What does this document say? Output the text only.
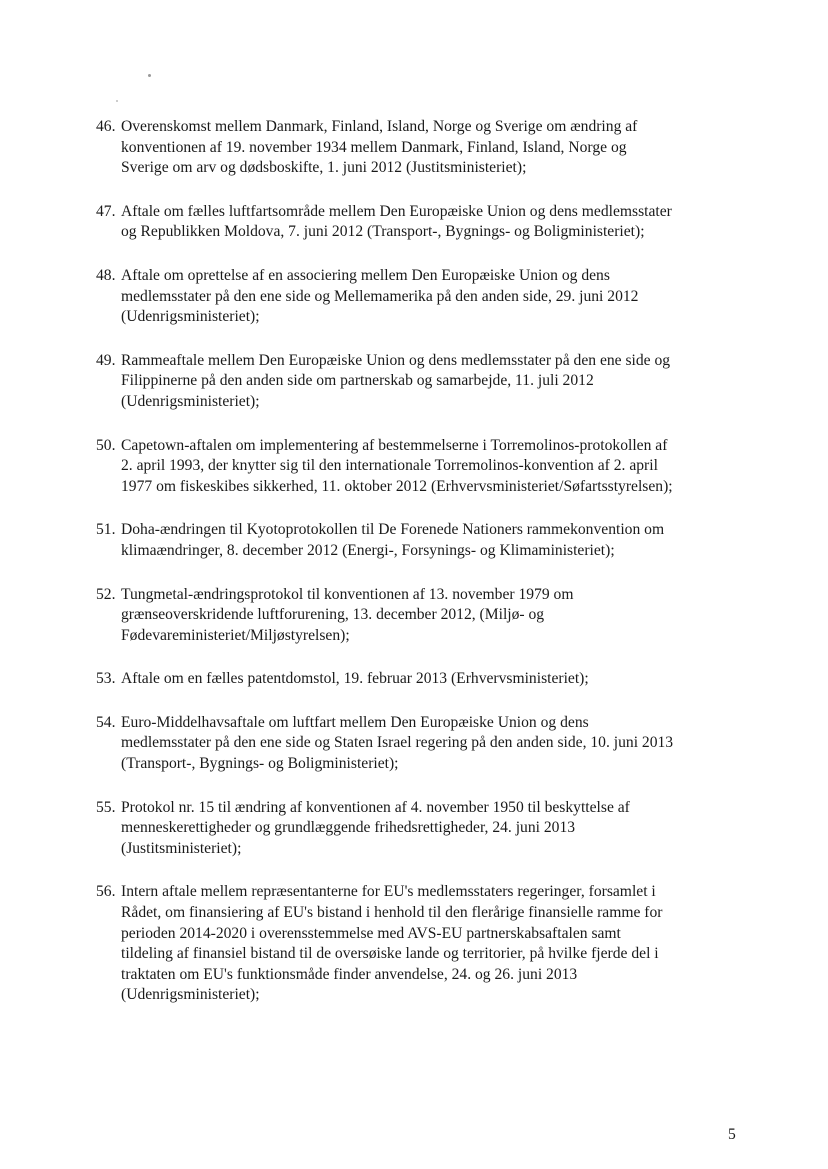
46. Overenskomst mellem Danmark, Finland, Island, Norge og Sverige om ændring af
konventionen af 19. november 1934 mellem Danmark, Finland, Island, Norge og
Sverige om arv og dødsboskifte, 1. juni 2012 (Justitsministeriet);
47. Aftale om fælles luftfartsområde mellem Den Europæiske Union og dens medlemsstater
og Republikken Moldova, 7. juni 2012 (Transport-, Bygnings- og Boligministeriet);
48. Aftale om oprettelse af en associering mellem Den Europæiske Union og dens
medlemsstater på den ene side og Mellemamerika på den anden side, 29. juni 2012
(Udenrigsministeriet);
49. Rammeaftale mellem Den Europæiske Union og dens medlemsstater på den ene side og
Filippinerne på den anden side om partnerskab og samarbejde, 11. juli 2012
(Udenrigsministeriet);
50. Capetown-aftalen om implementering af bestemmelserne i Torremolinos-protokollen af
2. april 1993, der knytter sig til den internationale Torremolinos-konvention af 2. april
1977 om fiskeskibes sikkerhed, 11. oktober 2012 (Erhvervsministeriet/Søfartsstyrelsen);
51. Doha-ændringen til Kyotoprotokollen til De Forenede Nationers rammekonvention om
klimaændringer, 8. december 2012 (Energi-, Forsynings- og Klimaministeriet);
52. Tungmetal-ændringsprotokol til konventionen af 13. november 1979 om
grænseoverskridende luftforurening, 13. december 2012, (Miljø- og
Fødevareministeriet/Miljøstyrelsen);
53. Aftale om en fælles patentdomstol, 19. februar 2013 (Erhvervsministeriet);
54. Euro-Middelhavsaftale om luftfart mellem Den Europæiske Union og dens
medlemsstater på den ene side og Staten Israel regering på den anden side, 10. juni 2013
(Transport-, Bygnings- og Boligministeriet);
55. Protokol nr. 15 til ændring af konventionen af 4. november 1950 til beskyttelse af
menneskerettigheder og grundlæggende frihedsrettigheder, 24. juni 2013
(Justitsministeriet);
56. Intern aftale mellem repræsentanterne for EU's medlemsstaters regeringer, forsamlet i
Rådet, om finansiering af EU's bistand i henhold til den flerårige finansielle ramme for
perioden 2014-2020 i overensstemmelse med AVS-EU partnerskabsaftalen samt
tildeling af finansiel bistand til de oversøiske lande og territorier, på hvilke fjerde del i
traktaten om EU's funktionsmåde finder anvendelse, 24. og 26. juni 2013
(Udenrigsministeriet);
5
